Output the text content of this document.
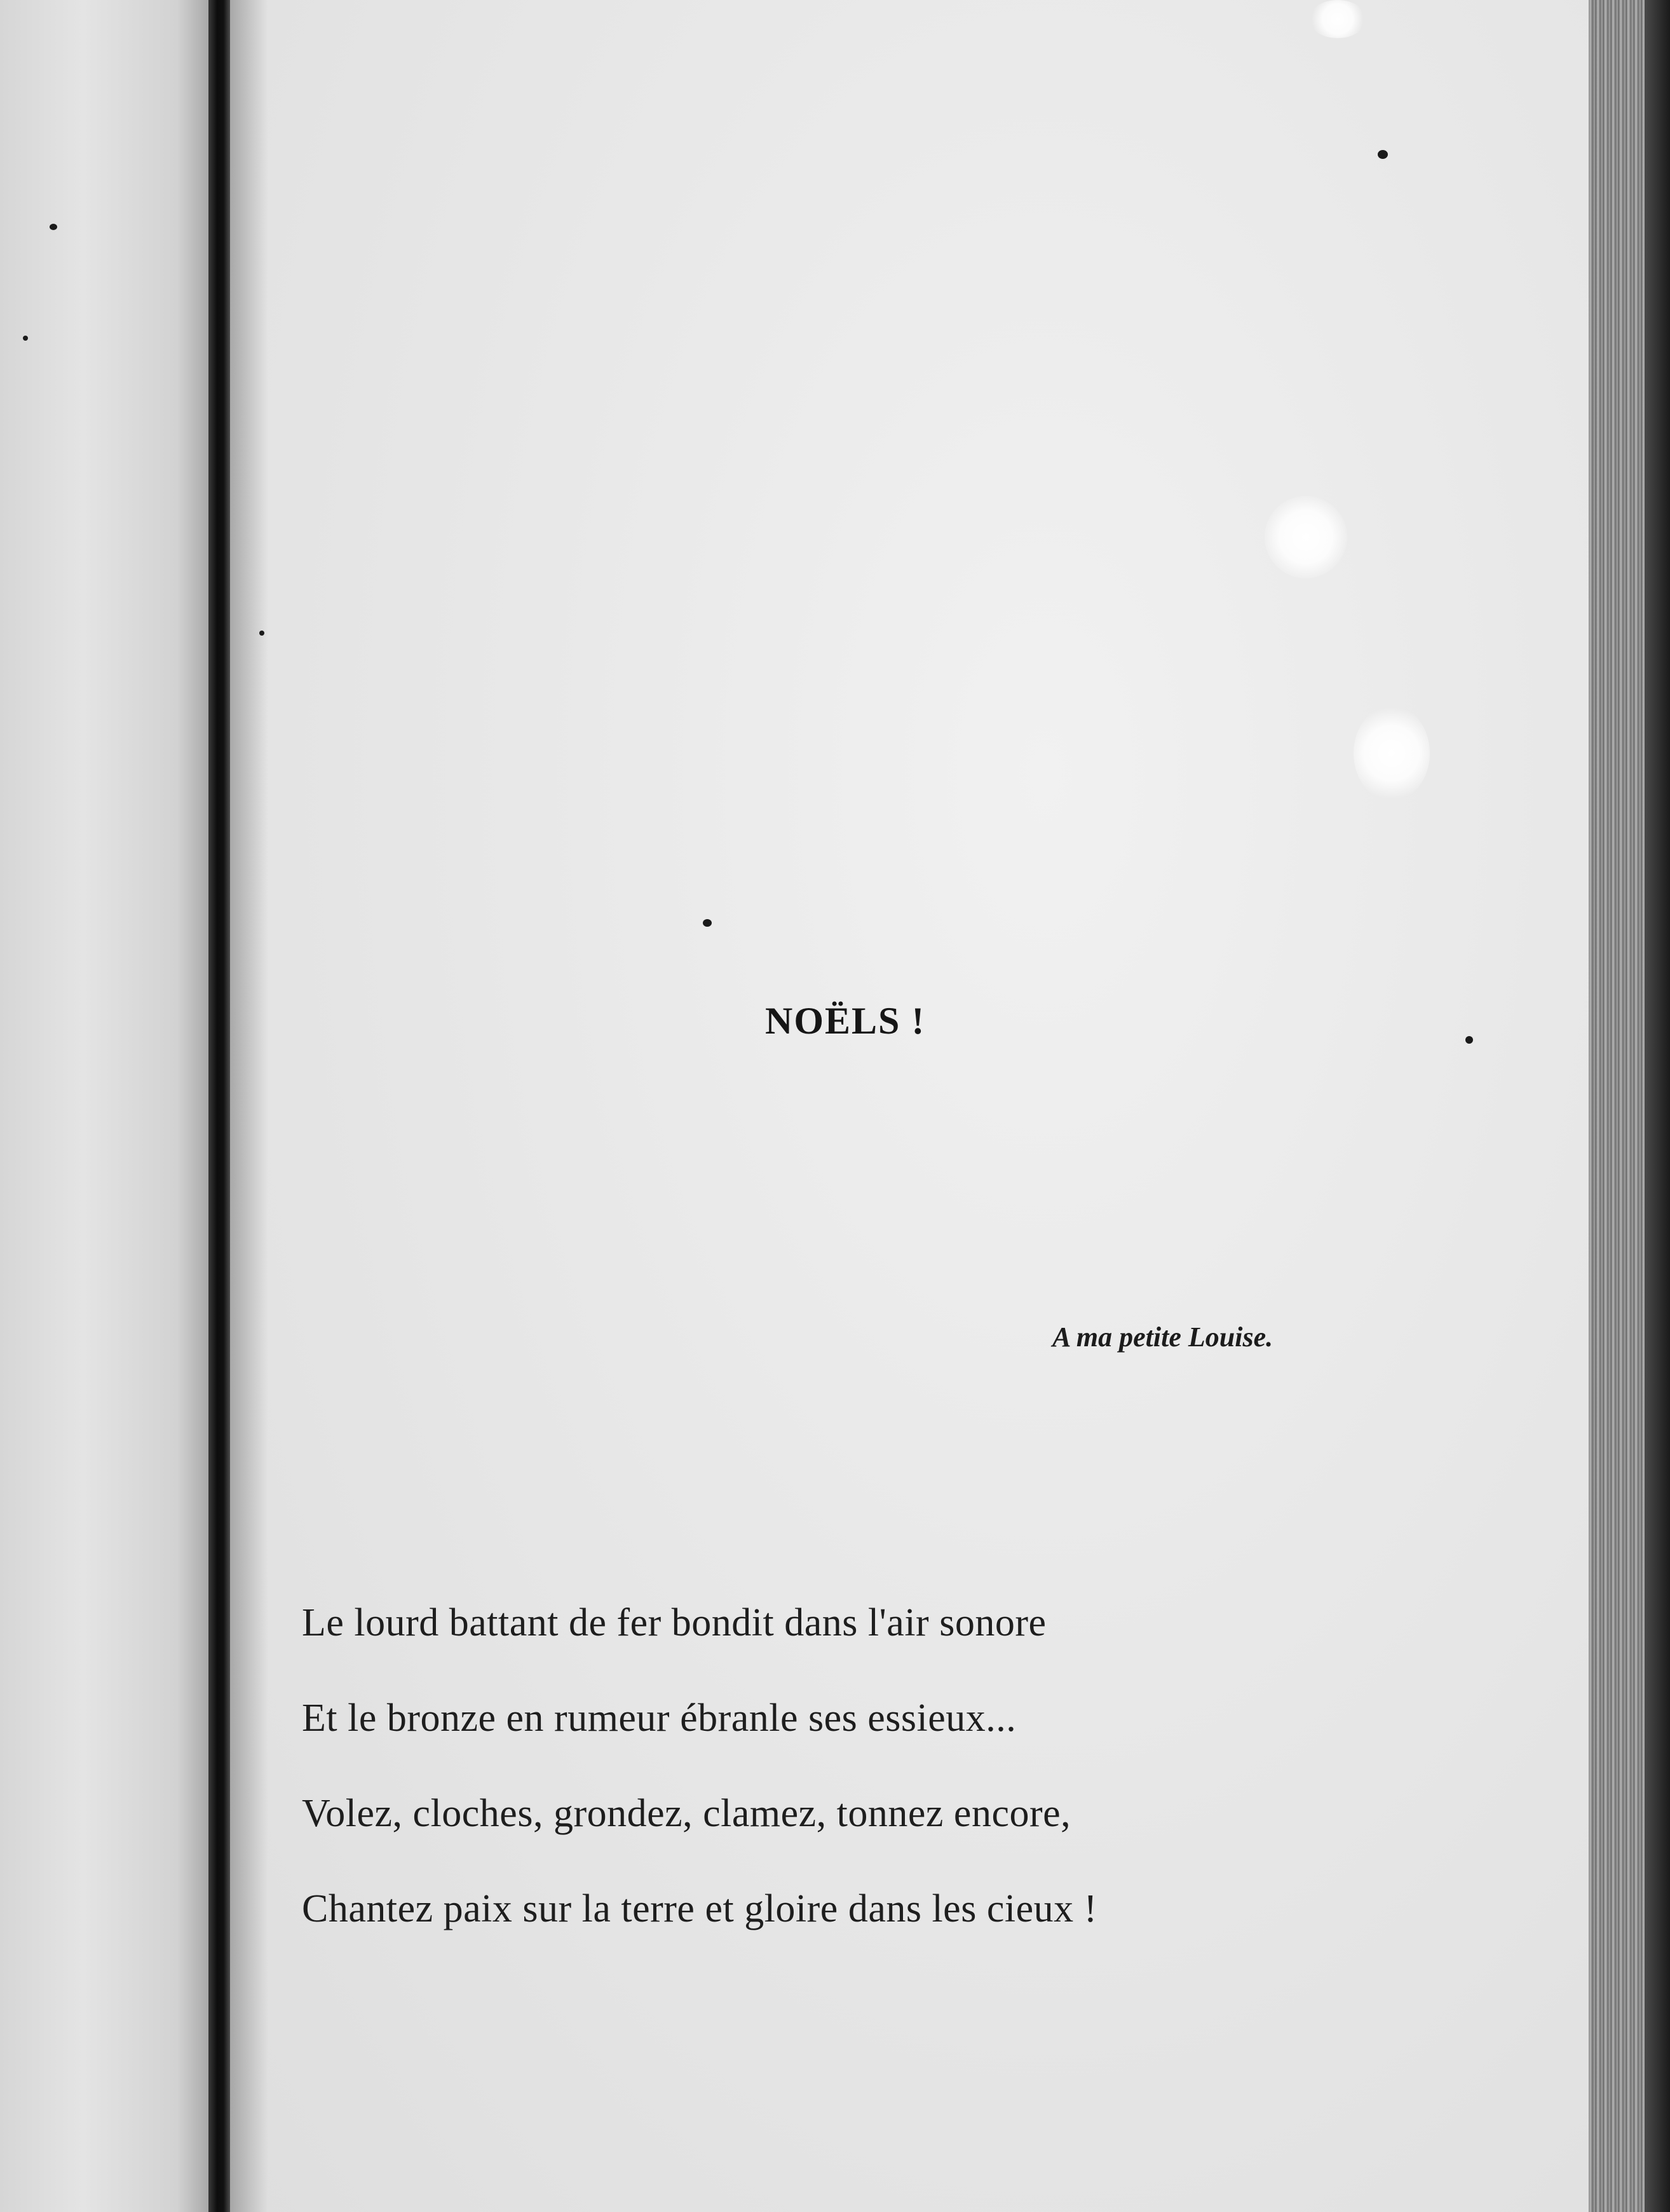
NOËLS !
A ma petite Louise.
Le lourd battant de fer bondit dans l'air sonore
Et le bronze en rumeur ébranle ses essieux...
Volez, cloches, grondez, clamez, tonnez encore,
Chantez paix sur la terre et gloire dans les cieux !
